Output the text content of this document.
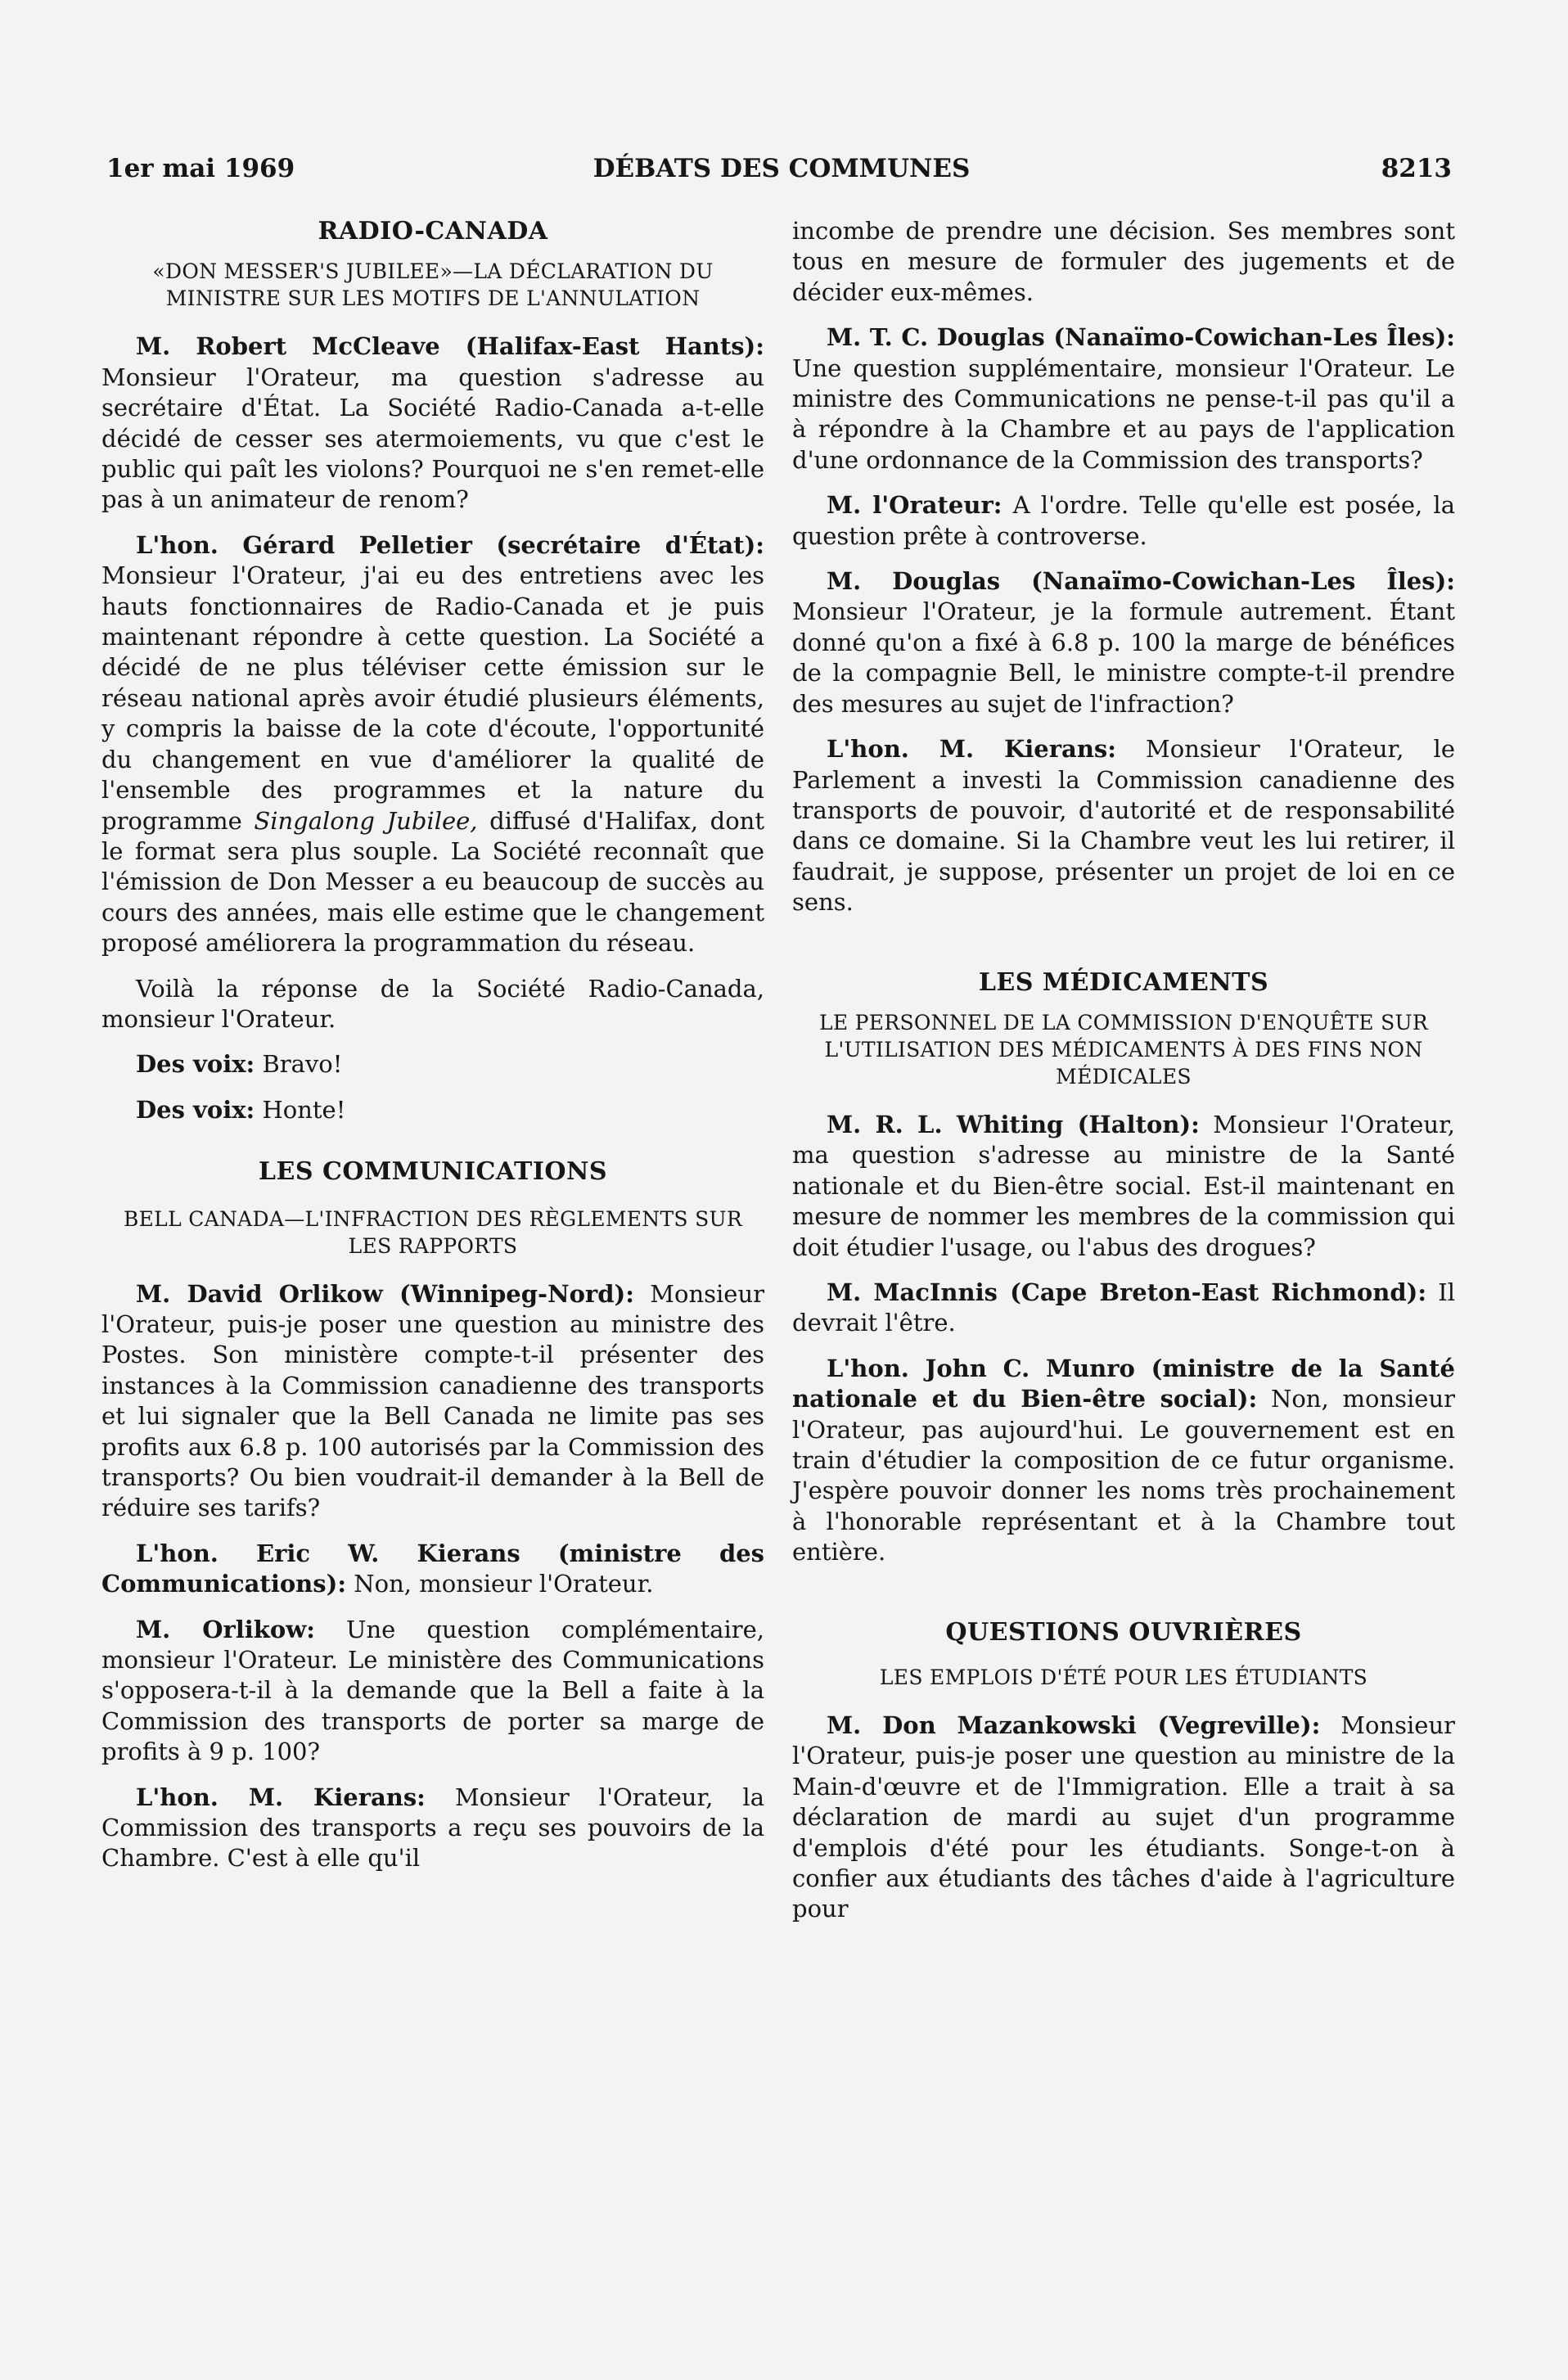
1er mai 1969	DÉBATS DES COMMUNES	8213
RADIO-CANADA
«DON MESSER'S JUBILEE»—LA DÉCLARATION DU MINISTRE SUR LES MOTIFS DE L'ANNULATION

M. Robert McCleave (Halifax-East Hants): Monsieur l'Orateur, ma question s'adresse au secrétaire d'État. La Société Radio-Canada a-t-elle décidé de cesser ses atermoiements, vu que c'est le public qui paît les violons? Pourquoi ne s'en remet-elle pas à un animateur de renom?

L'hon. Gérard Pelletier (secrétaire d'État): Monsieur l'Orateur, j'ai eu des entretiens avec les hauts fonctionnaires de Radio-Canada et je puis maintenant répondre à cette question. La Société a décidé de ne plus téléviser cette émission sur le réseau national après avoir étudié plusieurs éléments, y compris la baisse de la cote d'écoute, l'opportunité du changement en vue d'améliorer la qualité de l'ensemble des programmes et la nature du programme Singalong Jubilee, diffusé d'Halifax, dont le format sera plus souple. La Société reconnaît que l'émission de Don Messer a eu beaucoup de succès au cours des années, mais elle estime que le changement proposé améliorera la programmation du réseau.

Voilà la réponse de la Société Radio-Canada, monsieur l'Orateur.

Des voix: Bravo!

Des voix: Honte!

LES COMMUNICATIONS
BELL CANADA—L'INFRACTION DES RÈGLEMENTS SUR LES RAPPORTS

M. David Orlikow (Winnipeg-Nord): Monsieur l'Orateur, puis-je poser une question au ministre des Postes. Son ministère compte-t-il présenter des instances à la Commission canadienne des transports et lui signaler que la Bell Canada ne limite pas ses profits aux 6.8 p. 100 autorisés par la Commission des transports? Ou bien voudrait-il demander à la Bell de réduire ses tarifs?

L'hon. Eric W. Kierans (ministre des Communications): Non, monsieur l'Orateur.

M. Orlikow: Une question complémentaire, monsieur l'Orateur. Le ministère des Communications s'opposera-t-il à la demande que la Bell a faite à la Commission des transports de porter sa marge de profits à 9 p. 100?

L'hon. M. Kierans: Monsieur l'Orateur, la Commission des transports a reçu ses pouvoirs de la Chambre. C'est à elle qu'il

incombe de prendre une décision. Ses membres sont tous en mesure de formuler des jugements et de décider eux-mêmes.

M. T. C. Douglas (Nanaïmo-Cowichan-Les Îles): Une question supplémentaire, monsieur l'Orateur. Le ministre des Communications ne pense-t-il pas qu'il a à répondre à la Chambre et au pays de l'application d'une ordonnance de la Commission des transports?

M. l'Orateur: A l'ordre. Telle qu'elle est posée, la question prête à controverse.

M. Douglas (Nanaïmo-Cowichan-Les Îles): Monsieur l'Orateur, je la formule autrement. Étant donné qu'on a fixé à 6.8 p. 100 la marge de bénéfices de la compagnie Bell, le ministre compte-t-il prendre des mesures au sujet de l'infraction?

L'hon. M. Kierans: Monsieur l'Orateur, le Parlement a investi la Commission canadienne des transports de pouvoir, d'autorité et de responsabilité dans ce domaine. Si la Chambre veut les lui retirer, il faudrait, je suppose, présenter un projet de loi en ce sens.

LES MÉDICAMENTS
LE PERSONNEL DE LA COMMISSION D'ENQUÊTE SUR L'UTILISATION DES MÉDICAMENTS À DES FINS NON MÉDICALES

M. R. L. Whiting (Halton): Monsieur l'Orateur, ma question s'adresse au ministre de la Santé nationale et du Bien-être social. Est-il maintenant en mesure de nommer les membres de la commission qui doit étudier l'usage, ou l'abus des drogues?

M. MacInnis (Cape Breton-East Richmond): Il devrait l'être.

L'hon. John C. Munro (ministre de la Santé nationale et du Bien-être social): Non, monsieur l'Orateur, pas aujourd'hui. Le gouvernement est en train d'étudier la composition de ce futur organisme. J'espère pouvoir donner les noms très prochainement à l'honorable représentant et à la Chambre tout entière.

QUESTIONS OUVRIÈRES
LES EMPLOIS D'ÉTÉ POUR LES ÉTUDIANTS

M. Don Mazankowski (Vegreville): Monsieur l'Orateur, puis-je poser une question au ministre de la Main-d'œuvre et de l'Immigration. Elle a trait à sa déclaration de mardi au sujet d'un programme d'emplois d'été pour les étudiants. Songe-t-on à confier aux étudiants des tâches d'aide à l'agriculture pour
